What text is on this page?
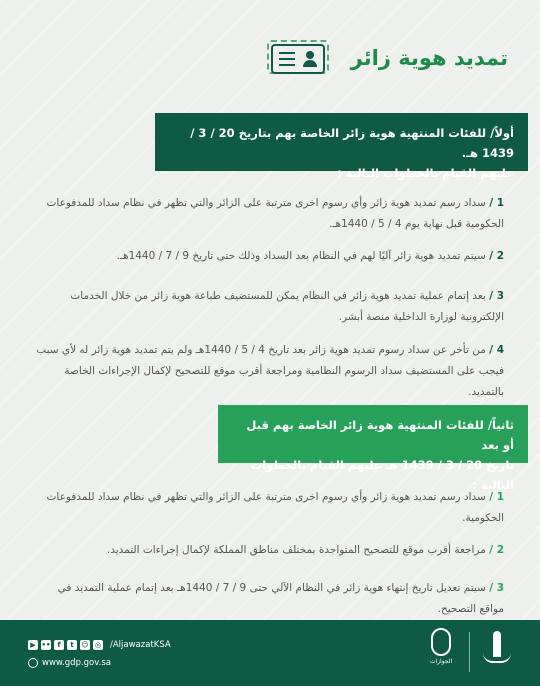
تمديد هوية زائر
أولاً/ للفئات المنتهية هوية زائر الخاصة بهم بتاريخ 20 / 3 / 1439 هـ.
عليهم القيام بالخطوات التالية :
1 / سداد رسم تمديد هوية زائر وأي رسوم اخرى مترتبة على الزائر والتي تظهر في نظام سداد للمدفوعات الحكومية قبل نهاية يوم 4 / 5 / 1440هـ.
2 / سيتم تمديد هوية زائر آليًا لهم في النظام بعد السداد وذلك حتى تاريخ 9 / 7 / 1440هـ.
3 / بعد إتمام عملية تمديد هوية زائر في النظام يمكن للمستضيف طباعة هوية زائر من خلال الخدمات الإلكترونية لوزارة الداخلية منصة أبشر.
4 / من تأخر عن سداد رسوم تمديد هوية زائر بعد تاريخ 4 / 5 / 1440هـ ولم يتم تمديد هوية زائر له لأي سبب فيجب على المستضيف سداد الرسوم النظامية ومراجعة أقرب موقع للتصحيح لإكمال الإجراءات الخاصة بالتمديد.
ثانياً/ للفئات المنتهية هوية زائر الخاصة بهم قبل أو بعد
تاريخ 20 / 3 / 1439 هـ عليهم القيام بالخطوات التالية :
1 / سداد رسم تمديد هوية زائر وأي رسوم اخرى مترتبة على الزائر والتي تظهر في نظام سداد للمدفوعات الحكومية.
2 / مراجعة أقرب موقع للتصحيح المتواجدة بمختلف مناطق المملكة لإكمال إجراءات التمديد.
3 / سيتم تعديل تاريخ إنتهاء هوية زائر في النظام الآلي حتى 9 / 7 / 1440هـ بعد إتمام عملية التمديد في مواقع التصحيح.
▶ ••	f	t	☺ ◎ /AljawazatKSA
www.gdp.gov.sa	الجوازات
